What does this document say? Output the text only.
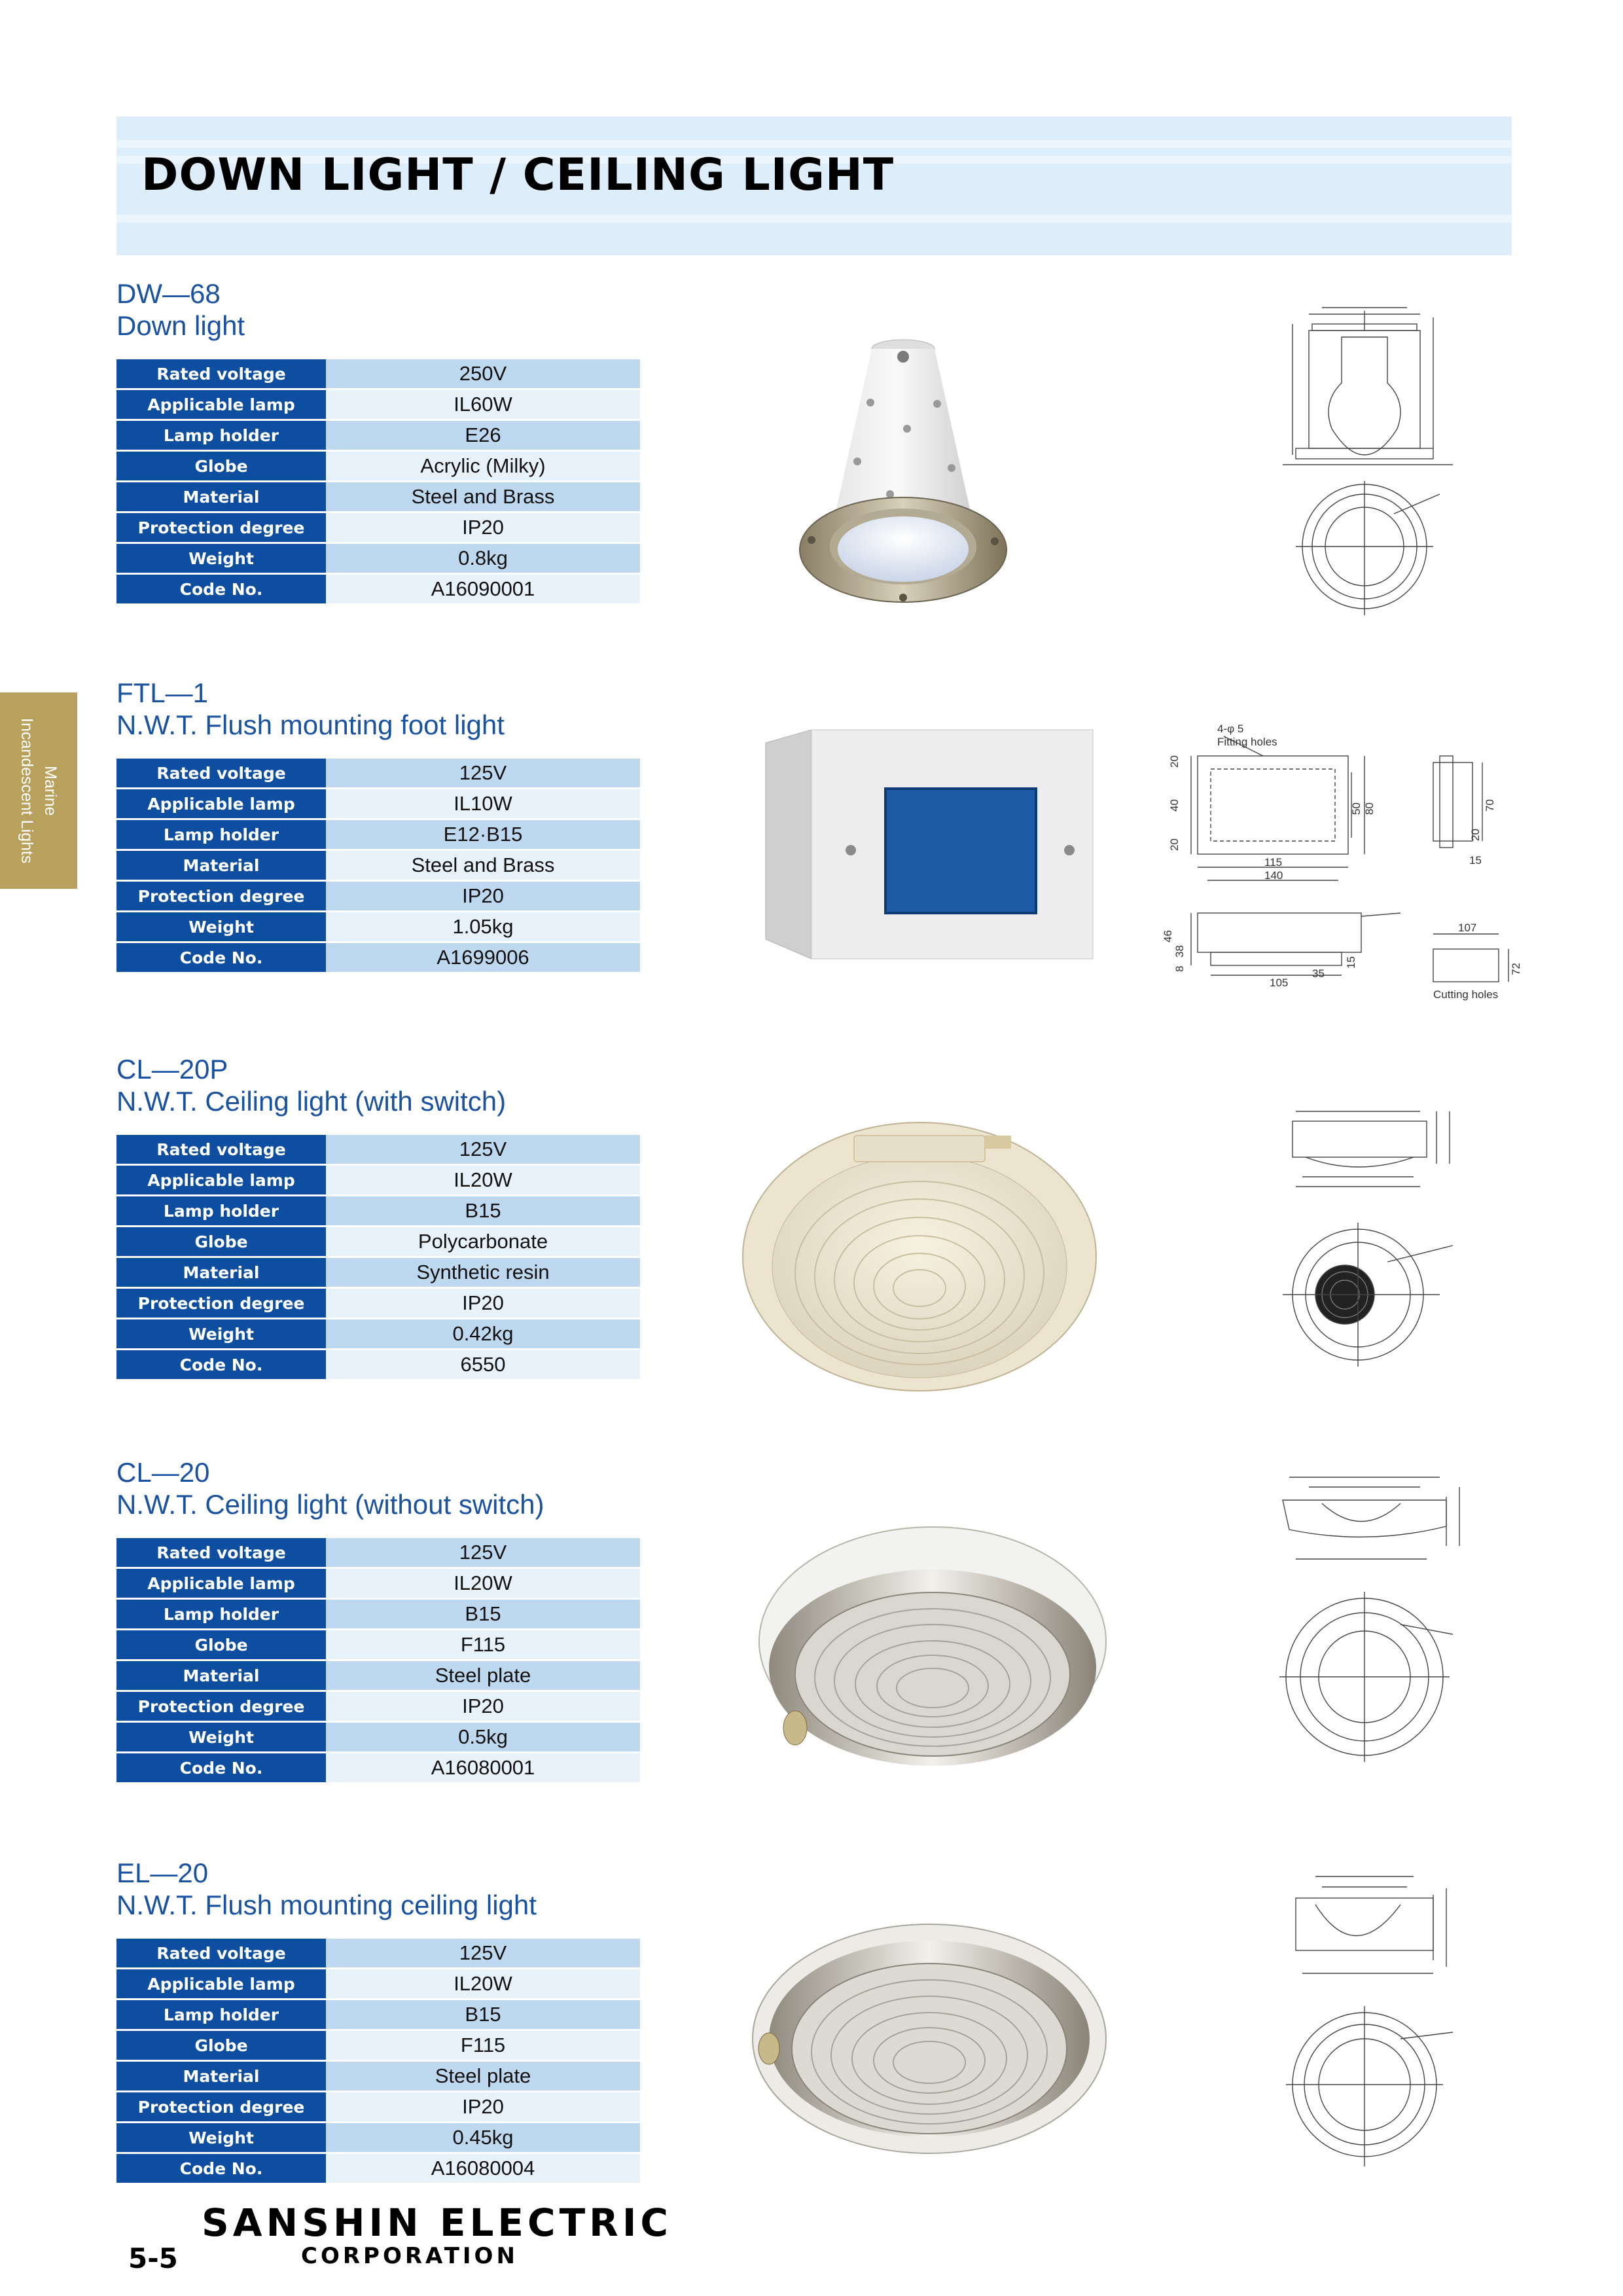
DOWN LIGHT / CEILING LIGHT
Marine
Incandescent Lights
DW—68
Down light
Rated voltage	250V
Applicable lamp	IL60W
Lamp holder	E26
Globe	Acrylic (Milky)
Material	Steel and Brass
Protection degree	IP20
Weight	0.8kg
Code No.	A16090001
FTL—1
N.W.T. Flush mounting foot light
Rated voltage	125V
Applicable lamp	IL10W
Lamp holder	E12·B15
Material	Steel and Brass
Protection degree	IP20
Weight	1.05kg
Code No.	A1699006
4-φ 5
Fitting holes
20
40
20
50 80
115
140
70
20
15
46
38
8
105
35
15
107
72
Cutting holes
CL—20P
N.W.T. Ceiling light (with switch)
Rated voltage	125V
Applicable lamp	IL20W
Lamp holder	B15
Globe	Polycarbonate
Material	Synthetic resin
Protection degree	IP20
Weight	0.42kg
Code No.	6550
CL—20
N.W.T. Ceiling light (without switch)
Rated voltage	125V
Applicable lamp	IL20W
Lamp holder	B15
Globe	F115
Material	Steel plate
Protection degree	IP20
Weight	0.5kg
Code No.	A16080001
EL—20
N.W.T. Flush mounting ceiling light
Rated voltage	125V
Applicable lamp	IL20W
Lamp holder	B15
Globe	F115
Material	Steel plate
Protection degree	IP20
Weight	0.45kg
Code No.	A16080004
5-5
SANSHIN ELECTRIC
CORPORATION
